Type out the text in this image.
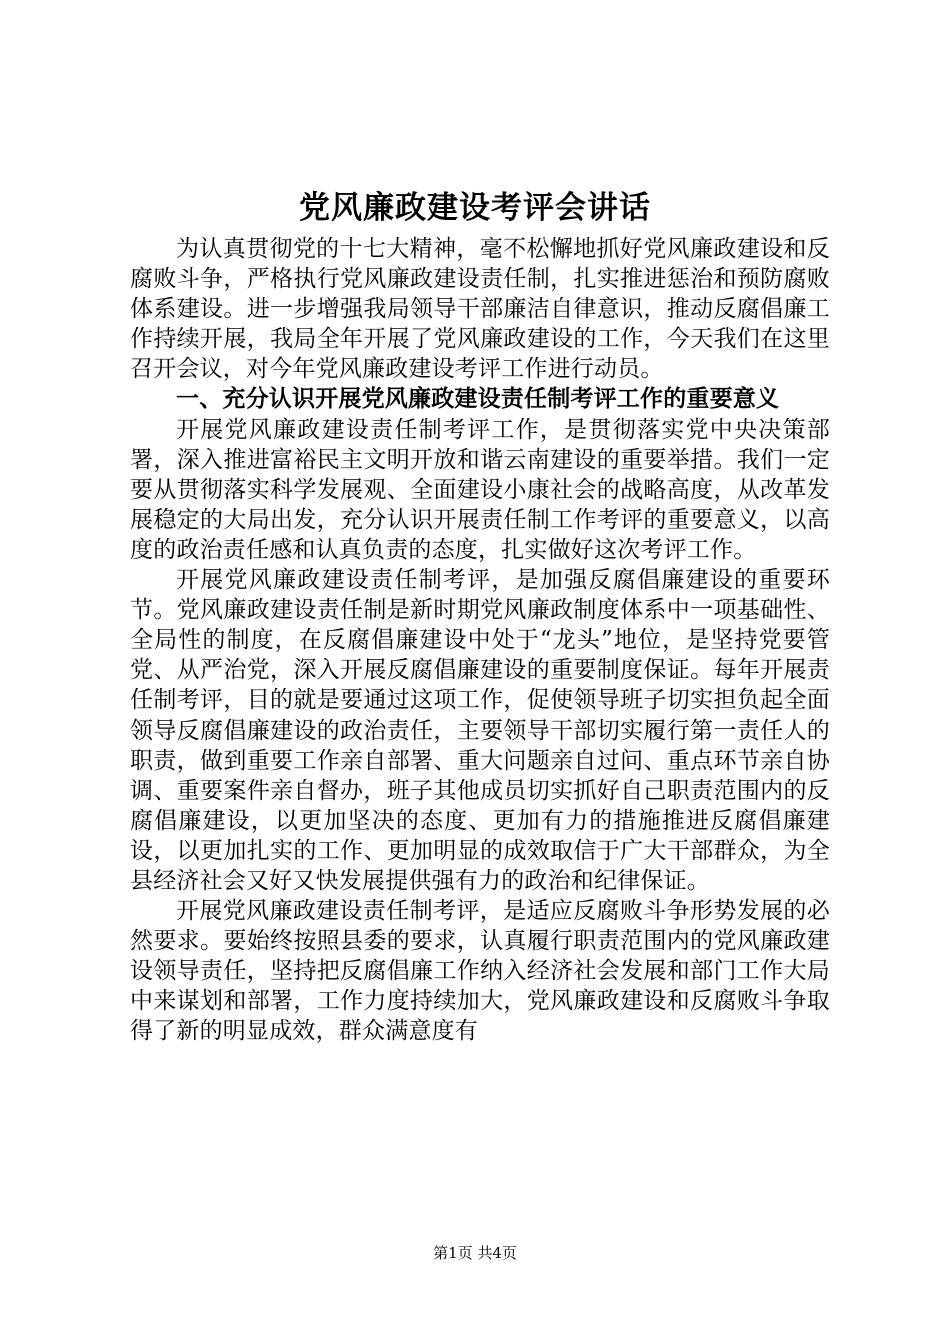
党风廉政建设考评会讲话

为认真贯彻党的十七大精神，毫不松懈地抓好党风廉政建设和反腐败斗争，严格执行党风廉政建设责任制，扎实推进惩治和预防腐败体系建设。进一步增强我局领导干部廉洁自律意识，推动反腐倡廉工作持续开展，我局全年开展了党风廉政建设的工作，今天我们在这里召开会议，对今年党风廉政建设考评工作进行动员。

一、充分认识开展党风廉政建设责任制考评工作的重要意义

开展党风廉政建设责任制考评工作，是贯彻落实党中央决策部署，深入推进富裕民主文明开放和谐云南建设的重要举措。我们一定要从贯彻落实科学发展观、全面建设小康社会的战略高度，从改革发展稳定的大局出发，充分认识开展责任制工作考评的重要意义，以高度的政治责任感和认真负责的态度，扎实做好这次考评工作。

开展党风廉政建设责任制考评，是加强反腐倡廉建设的重要环节。党风廉政建设责任制是新时期党风廉政制度体系中一项基础性、全局性的制度，在反腐倡廉建设中处于“龙头”地位，是坚持党要管党、从严治党，深入开展反腐倡廉建设的重要制度保证。每年开展责任制考评，目的就是要通过这项工作，促使领导班子切实担负起全面领导反腐倡廉建设的政治责任，主要领导干部切实履行第一责任人的职责，做到重要工作亲自部署、重大问题亲自过问、重点环节亲自协调、重要案件亲自督办，班子其他成员切实抓好自己职责范围内的反腐倡廉建设，以更加坚决的态度、更加有力的措施推进反腐倡廉建设，以更加扎实的工作、更加明显的成效取信于广大干部群众，为全县经济社会又好又快发展提供强有力的政治和纪律保证。

开展党风廉政建设责任制考评，是适应反腐败斗争形势发展的必然要求。要始终按照县委的要求，认真履行职责范围内的党风廉政建设领导责任，坚持把反腐倡廉工作纳入经济社会发展和部门工作大局中来谋划和部署，工作力度持续加大，党风廉政建设和反腐败斗争取得了新的明显成效，群众满意度有

第1页 共4页
